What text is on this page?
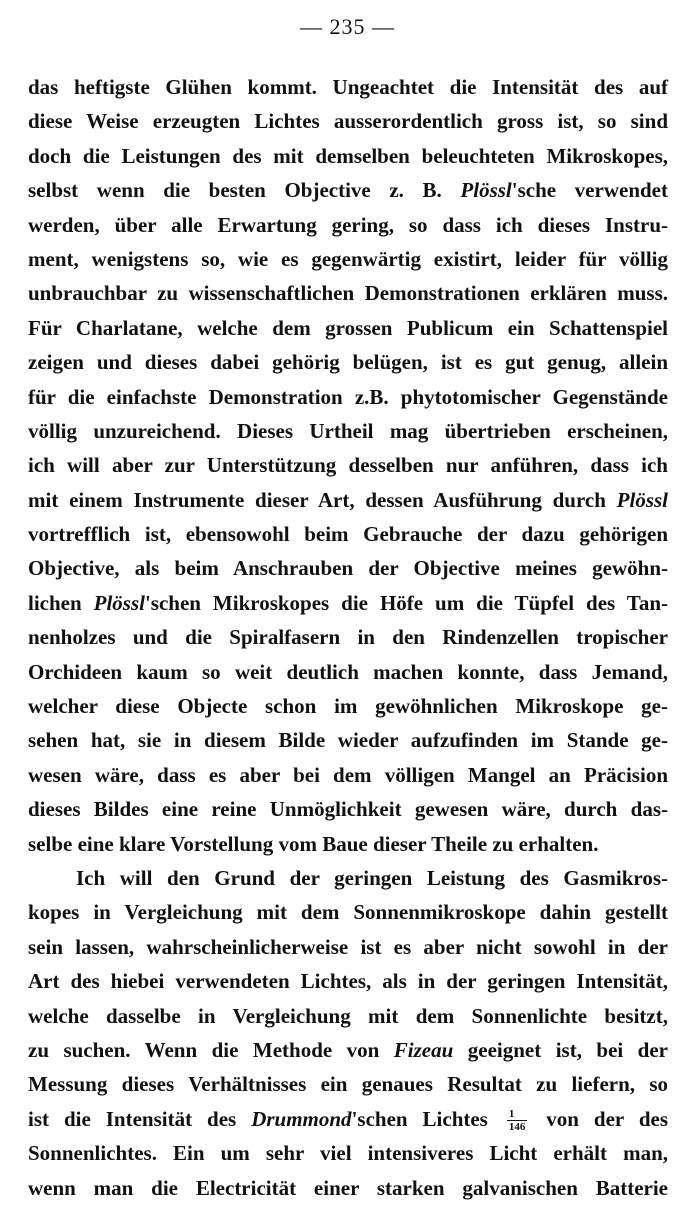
— 235 —
das heftigste Glühen kommt. Ungeachtet die Intensität des auf
diese Weise erzeugten Lichtes ausserordentlich gross ist, so sind
doch die Leistungen des mit demselben beleuchteten Mikroskopes,
selbst wenn die besten Objective z. B. Plössl'sche verwendet
werden, über alle Erwartung gering, so dass ich dieses Instru-
ment, wenigstens so, wie es gegenwärtig existirt, leider für völlig
unbrauchbar zu wissenschaftlichen Demonstrationen erklären muss.
Für Charlatane, welche dem grossen Publicum ein Schattenspiel
zeigen und dieses dabei gehörig belügen, ist es gut genug, allein
für die einfachste Demonstration z.B. phytotomischer Gegenstände
völlig unzureichend. Dieses Urtheil mag übertrieben erscheinen,
ich will aber zur Unterstützung desselben nur anführen, dass ich
mit einem Instrumente dieser Art, dessen Ausführung durch Plössl
vortrefflich ist, ebensowohl beim Gebrauche der dazu gehörigen
Objective, als beim Anschrauben der Objective meines gewöhn-
lichen Plössl'schen Mikroskopes die Höfe um die Tüpfel des Tan-
nenholzes und die Spiralfasern in den Rindenzellen tropischer
Orchideen kaum so weit deutlich machen konnte, dass Jemand,
welcher diese Objecte schon im gewöhnlichen Mikroskope ge-
sehen hat, sie in diesem Bilde wieder aufzufinden im Stande ge-
wesen wäre, dass es aber bei dem völligen Mangel an Präcision
dieses Bildes eine reine Unmöglichkeit gewesen wäre, durch das-
selbe eine klare Vorstellung vom Baue dieser Theile zu erhalten.
Ich will den Grund der geringen Leistung des Gasmikros-
kopes in Vergleichung mit dem Sonnenmikroskope dahin gestellt
sein lassen, wahrscheinlicherweise ist es aber nicht sowohl in der
Art des hiebei verwendeten Lichtes, als in der geringen Intensität,
welche dasselbe in Vergleichung mit dem Sonnenlichte besitzt,
zu suchen. Wenn die Methode von Fizeau geeignet ist, bei der
Messung dieses Verhältnisses ein genaues Resultat zu liefern, so
ist die Intensität des Drummond'schen Lichtes $\frac{1}{146}$ von der des
Sonnenlichtes. Ein um sehr viel intensiveres Licht erhält man,
wenn man die Electricität einer starken galvanischen Batterie
